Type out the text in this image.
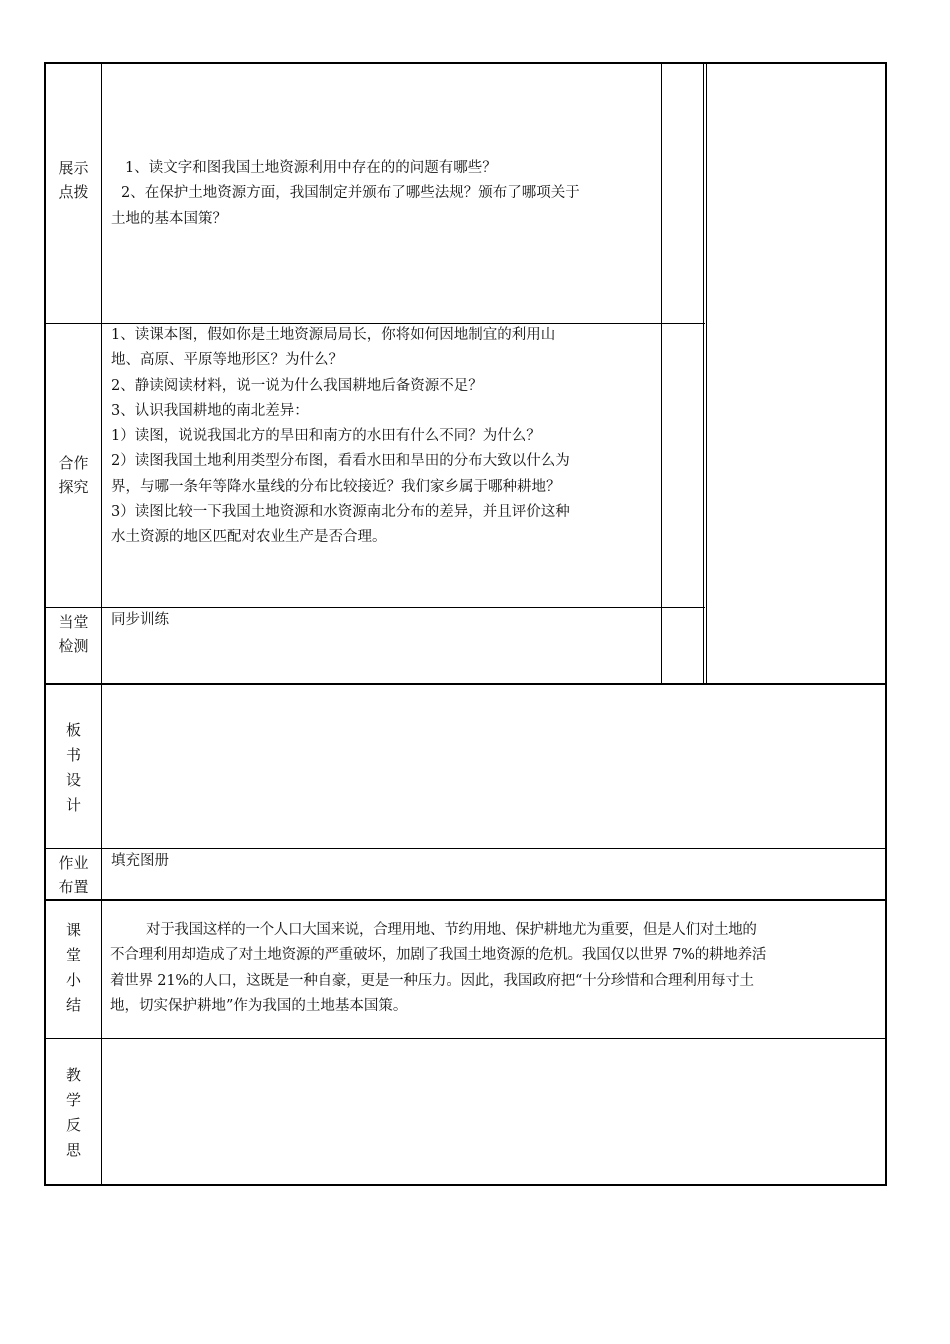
展示
点拨
1、读文字和图我国土地资源利用中存在的的问题有哪些？
2、在保护土地资源方面，我国制定并颁布了哪些法规？颁布了哪项关于
土地的基本国策？
合作
探究
1、读课本图，假如你是土地资源局局长，你将如何因地制宜的利用山
地、高原、平原等地形区？为什么？
2、静读阅读材料，说一说为什么我国耕地后备资源不足？
3、认识我国耕地的南北差异：
1）读图，说说我国北方的旱田和南方的水田有什么不同？为什么？
2）读图我国土地利用类型分布图，看看水田和旱田的分布大致以什么为
界，与哪一条年等降水量线的分布比较接近？我们家乡属于哪种耕地？
3）读图比较一下我国土地资源和水资源南北分布的差异，并且评价这种
水土资源的地区匹配对农业生产是否合理。
当堂
检测
同步训练
板
书
设
计
作业
布置
填充图册
课
堂
小
结
对于我国这样的一个人口大国来说，合理用地、节约用地、保护耕地尤为重要，但是人们对土地的
不合理利用却造成了对土地资源的严重破坏，加剧了我国土地资源的危机。我国仅以世界 7%的耕地养活
着世界 21%的人口，这既是一种自豪，更是一种压力。因此，我国政府把“十分珍惜和合理利用每寸土
地，切实保护耕地”作为我国的土地基本国策。
教
学
反
思
